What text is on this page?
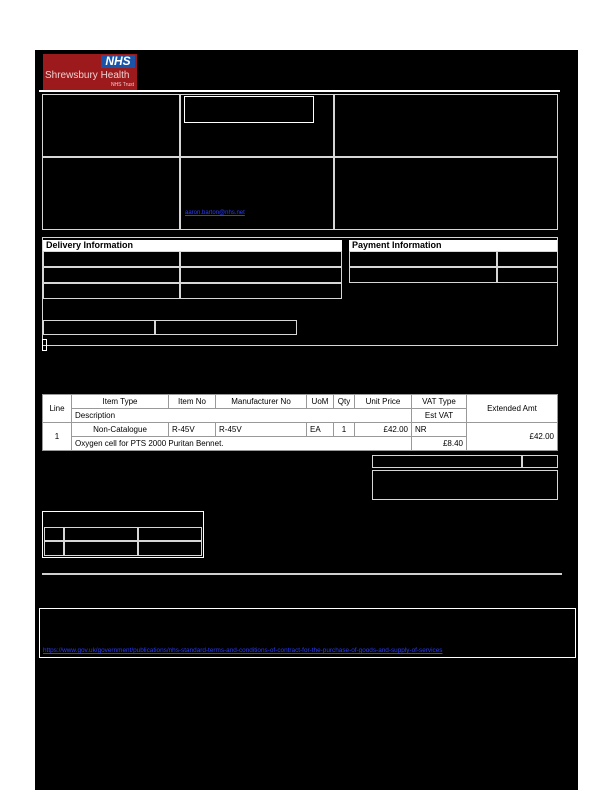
NHS
Shrewsbury Health
NHS Trust
aaron.barton@nhs.net
Delivery Information	Payment Information
Line	Item Type	Item No	Manufacturer No	UoM	Qty	Unit Price	VAT Type	Extended Amt
	Description						Est VAT	
1	Non-Catalogue	R-45V	R-45V	EA	1	£42.00	NR	£42.00
	Oxygen cell for PTS 2000 Puritan Bennet.						£8.40	
https://www.gov.uk/government/publications/nhs-standard-terms-and-conditions-of-contract-for-the-purchase-of-goods-and-supply-of-services
